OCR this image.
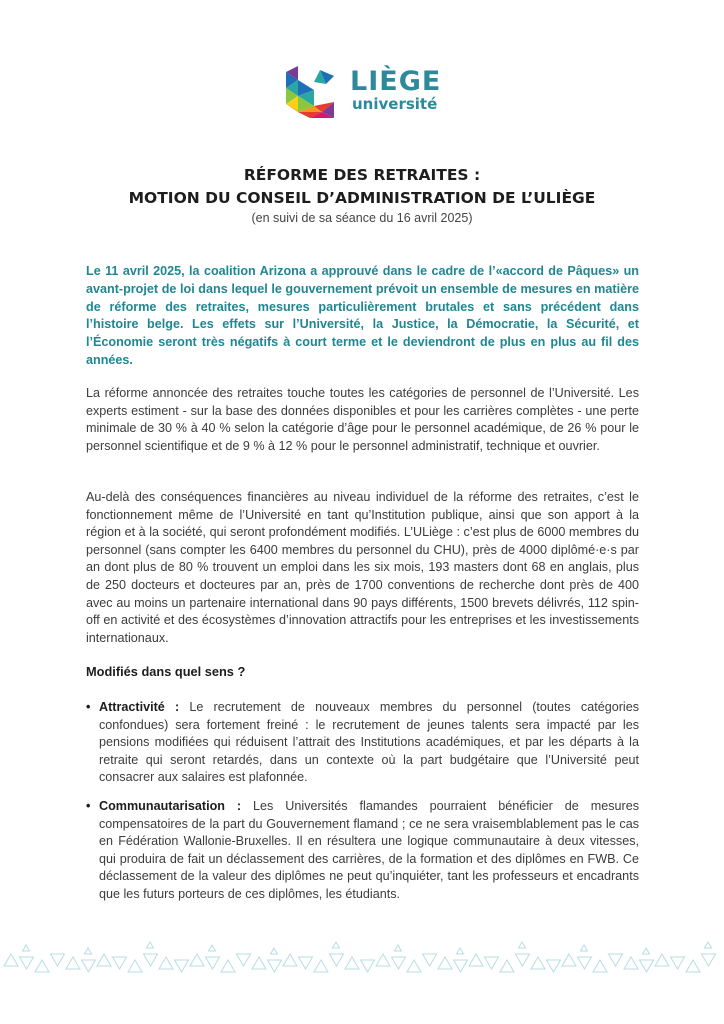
LIÈGE
université
RÉFORME DES RETRAITES :
MOTION DU CONSEIL D’ADMINISTRATION DE L’ULIÈGE
(en suivi de sa séance du 16 avril 2025)

Le 11 avril 2025, la coalition Arizona a approuvé dans le cadre de l’«accord de Pâques» un avant-projet de loi dans lequel le gouvernement prévoit un ensemble de mesures en matière de réforme des retraites, mesures particulièrement brutales et sans précédent dans l’histoire belge. Les effets sur l’Université, la Justice, la Démocratie, la Sécurité, et l’Économie seront très négatifs à court terme et le deviendront de plus en plus au fil des années.

La réforme annoncée des retraites touche toutes les catégories de personnel de l’Université. Les experts estiment - sur la base des données disponibles et pour les carrières complètes - une perte minimale de 30 % à 40 % selon la catégorie d’âge pour le personnel académique, de 26 % pour le personnel scientifique et de 9 % à 12 % pour le personnel administratif, technique et ouvrier.

Au-delà des conséquences financières au niveau individuel de la réforme des retraites, c’est le fonctionnement même de l’Université en tant qu’Institution publique, ainsi que son apport à la région et à la société, qui seront profondément modifiés. L’ULiège : c’est plus de 6000 membres du personnel (sans compter les 6400 membres du personnel du CHU), près de 4000 diplômé·e·s par an dont plus de 80 % trouvent un emploi dans les six mois, 193 masters dont 68 en anglais, plus de 250 docteurs et docteures par an, près de 1700 conventions de recherche dont près de 400 avec au moins un partenaire international dans 90 pays différents, 1500 brevets délivrés, 112 spin-off en activité et des écosystèmes d’innovation attractifs pour les entreprises et les investissements internationaux.

Modifiés dans quel sens ?
• Attractivité : Le recrutement de nouveaux membres du personnel (toutes catégories confondues) sera fortement freiné : le recrutement de jeunes talents sera impacté par les pensions modifiées qui réduisent l’attrait des Institutions académiques, et par les départs à la retraite qui seront retardés, dans un contexte où la part budgétaire que l’Université peut consacrer aux salaires est plafonnée.

• Communautarisation : Les Universités flamandes pourraient bénéficier de mesures compensatoires de la part du Gouvernement flamand ; ce ne sera vraisemblablement pas le cas en Fédération Wallonie-Bruxelles. Il en résultera une logique communautaire à deux vitesses, qui produira de fait un déclassement des carrières, de la formation et des diplômes en FWB. Ce déclassement de la valeur des diplômes ne peut qu’inquiéter, tant les professeurs et encadrants que les futurs porteurs de ces diplômes, les étudiants.
